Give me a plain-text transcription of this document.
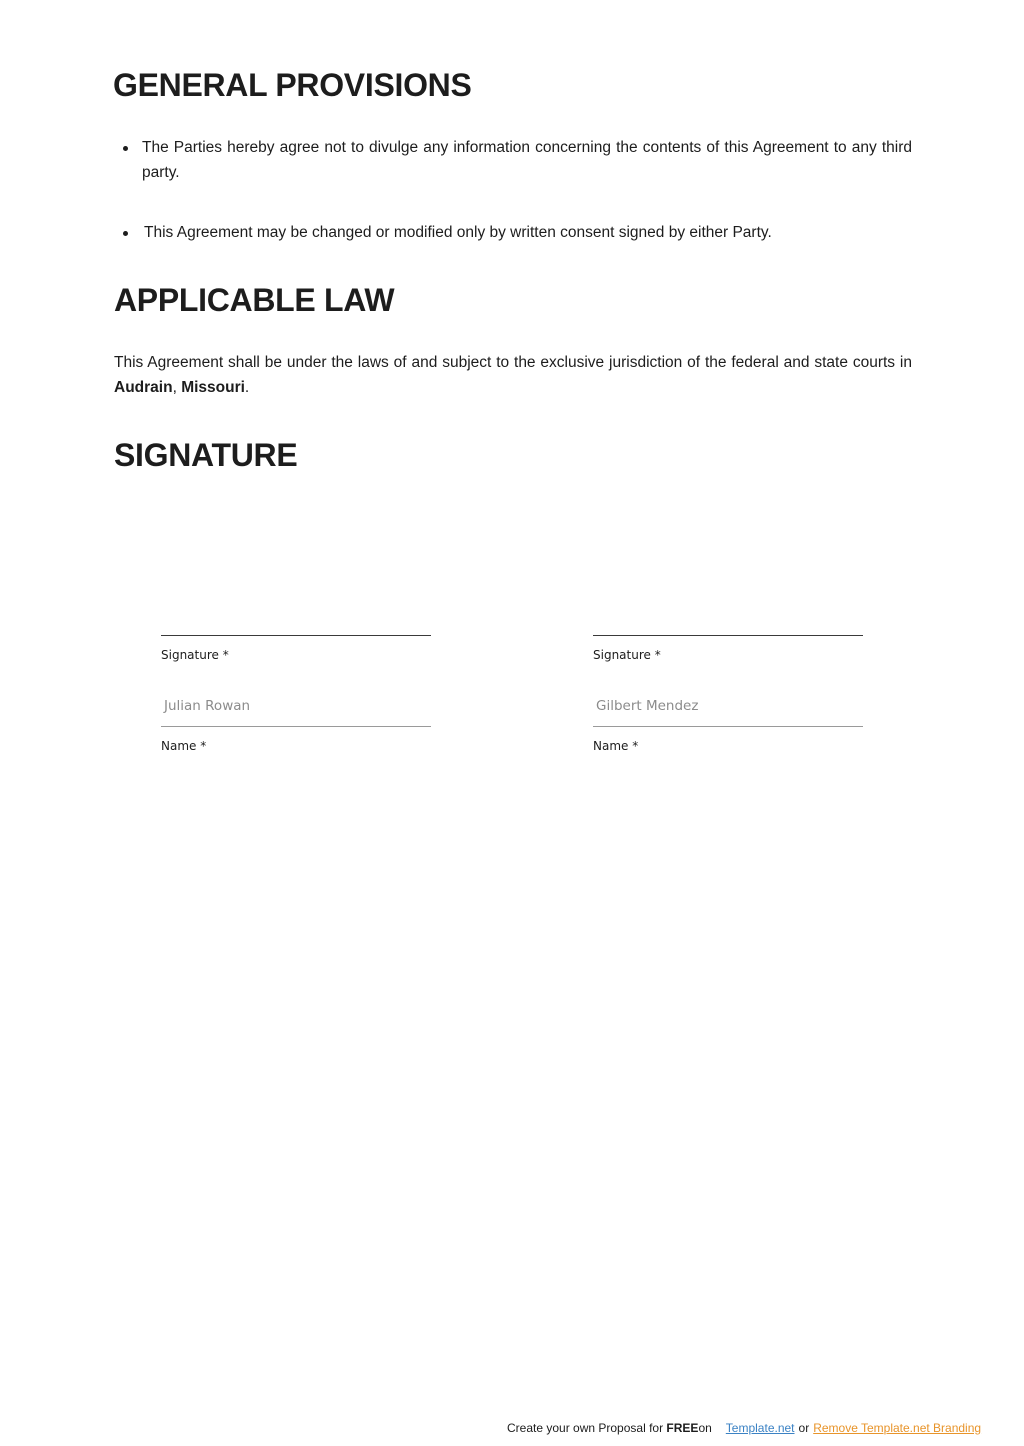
GENERAL PROVISIONS
The Parties hereby agree not to divulge any information concerning the contents of this Agreement to any third party.
This Agreement may be changed or modified only by written consent signed by either Party.
APPLICABLE LAW

This Agreement shall be under the laws of and subject to the exclusive jurisdiction of the federal and state courts in Audrain, Missouri.

SIGNATURE
Signature *
Julian Rowan
Name *
Signature *
Gilbert Mendez
Name *
Create your own Proposal for FREEon Template.net or Remove Template.net Branding
